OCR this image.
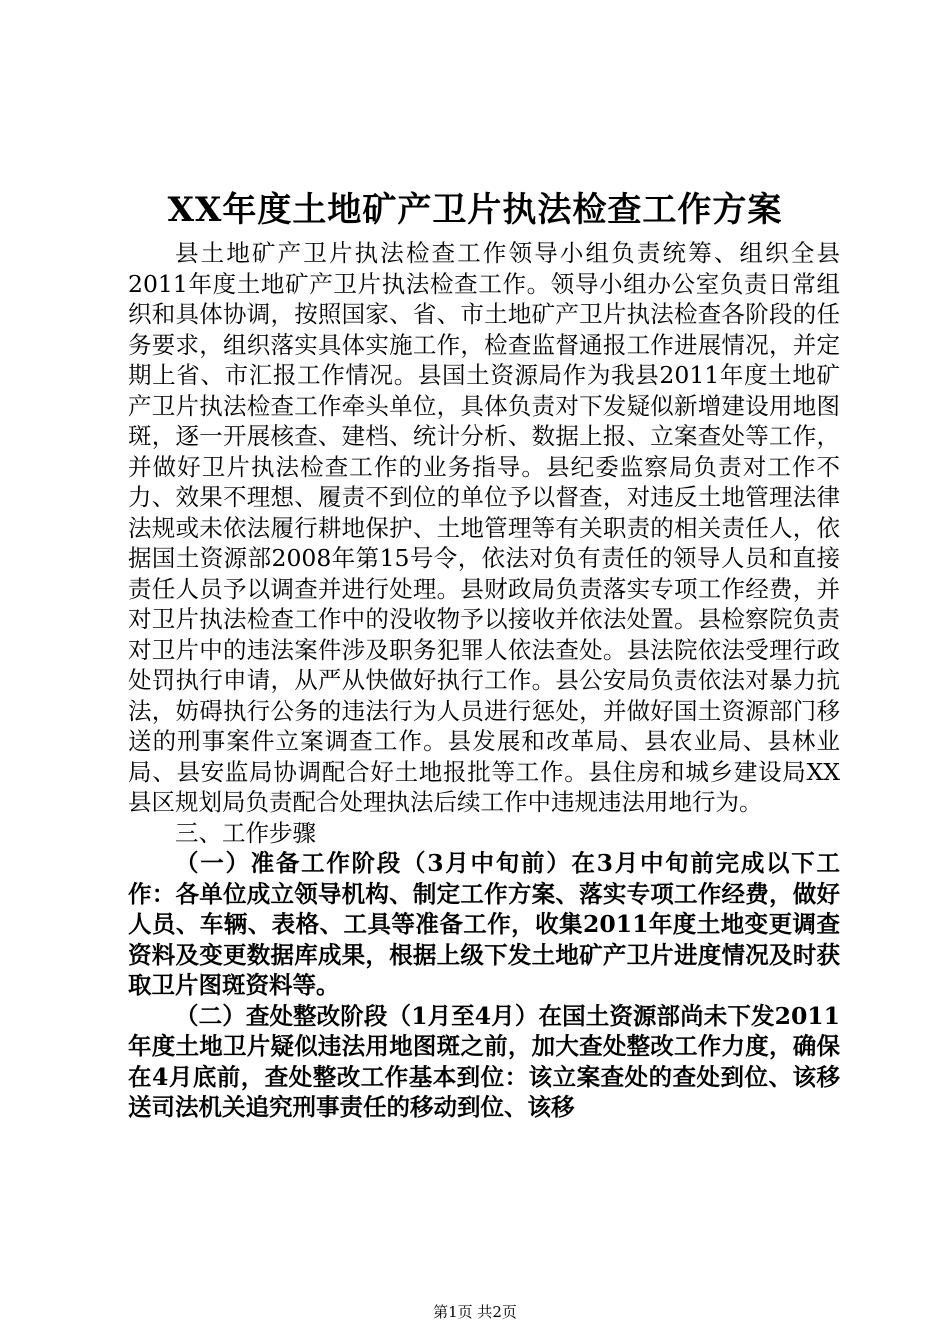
XX年度土地矿产卫片执法检查工作方案

县土地矿产卫片执法检查工作领导小组负责统筹、组织全县2011年度土地矿产卫片执法检查工作。领导小组办公室负责日常组织和具体协调，按照国家、省、市土地矿产卫片执法检查各阶段的任务要求，组织落实具体实施工作，检查监督通报工作进展情况，并定期上省、市汇报工作情况。县国土资源局作为我县2011年度土地矿产卫片执法检查工作牵头单位，具体负责对下发疑似新增建设用地图斑，逐一开展核查、建档、统计分析、数据上报、立案查处等工作，并做好卫片执法检查工作的业务指导。县纪委监察局负责对工作不力、效果不理想、履责不到位的单位予以督查，对违反土地管理法律法规或未依法履行耕地保护、土地管理等有关职责的相关责任人，依据国土资源部2008年第15号令，依法对负有责任的领导人员和直接责任人员予以调查并进行处理。县财政局负责落实专项工作经费，并对卫片执法检查工作中的没收物予以接收并依法处置。县检察院负责对卫片中的违法案件涉及职务犯罪人依法查处。县法院依法受理行政处罚执行申请，从严从快做好执行工作。县公安局负责依法对暴力抗法，妨碍执行公务的违法行为人员进行惩处，并做好国土资源部门移送的刑事案件立案调查工作。县发展和改革局、县农业局、县林业局、县安监局协调配合好土地报批等工作。县住房和城乡建设局XX县区规划局负责配合处理执法后续工作中违规违法用地行为。

三、工作步骤

（一）准备工作阶段（3月中旬前）在3月中旬前完成以下工作：各单位成立领导机构、制定工作方案、落实专项工作经费，做好人员、车辆、表格、工具等准备工作，收集2011年度土地变更调查资料及变更数据库成果，根据上级下发土地矿产卫片进度情况及时获取卫片图斑资料等。

（二）查处整改阶段（1月至4月）在国土资源部尚未下发2011年度土地卫片疑似违法用地图斑之前，加大查处整改工作力度，确保在4月底前，查处整改工作基本到位：该立案查处的查处到位、该移送司法机关追究刑事责任的移动到位、该移

第1页 共2页
